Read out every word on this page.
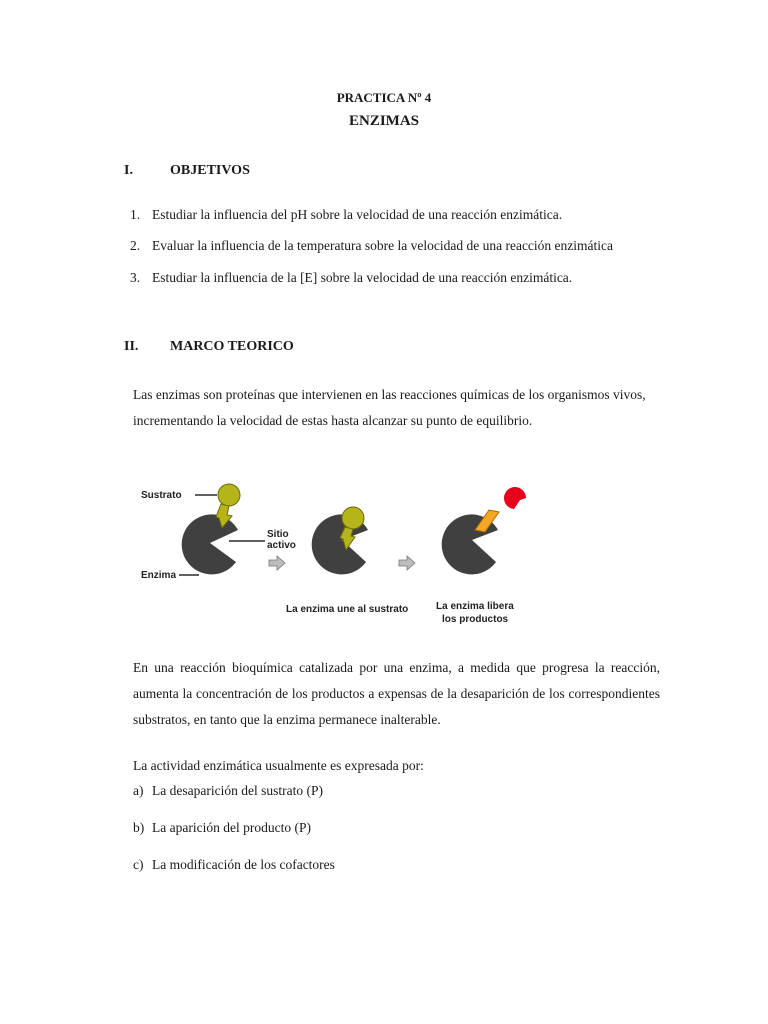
PRACTICA Nº 4
ENZIMAS
I.	OBJETIVOS
1. Estudiar la influencia del pH sobre la velocidad de una reacción enzimática.
2. Evaluar la influencia de la temperatura sobre la velocidad de una reacción enzimática
3. Estudiar la influencia de la [E] sobre la velocidad de una reacción enzimática.
II. MARCO TEORICO
Las enzimas son proteínas que intervienen en las reacciones químicas de los organismos vivos, incrementando la velocidad de estas hasta alcanzar su punto de equilibrio.
Sustrato
Sitio
activo
Enzima
La enzima une al sustrato	La enzima libera
los productos
En una reacción bioquímica catalizada por una enzima, a medida que progresa la reacción, aumenta la concentración de los productos a expensas de la desaparición de los correspondientes substratos, en tanto que la enzima permanece inalterable.
La actividad enzimática usualmente es expresada por:
a) La desaparición del sustrato (P)
b) La aparición del producto (P)
c) La modificación de los cofactores
